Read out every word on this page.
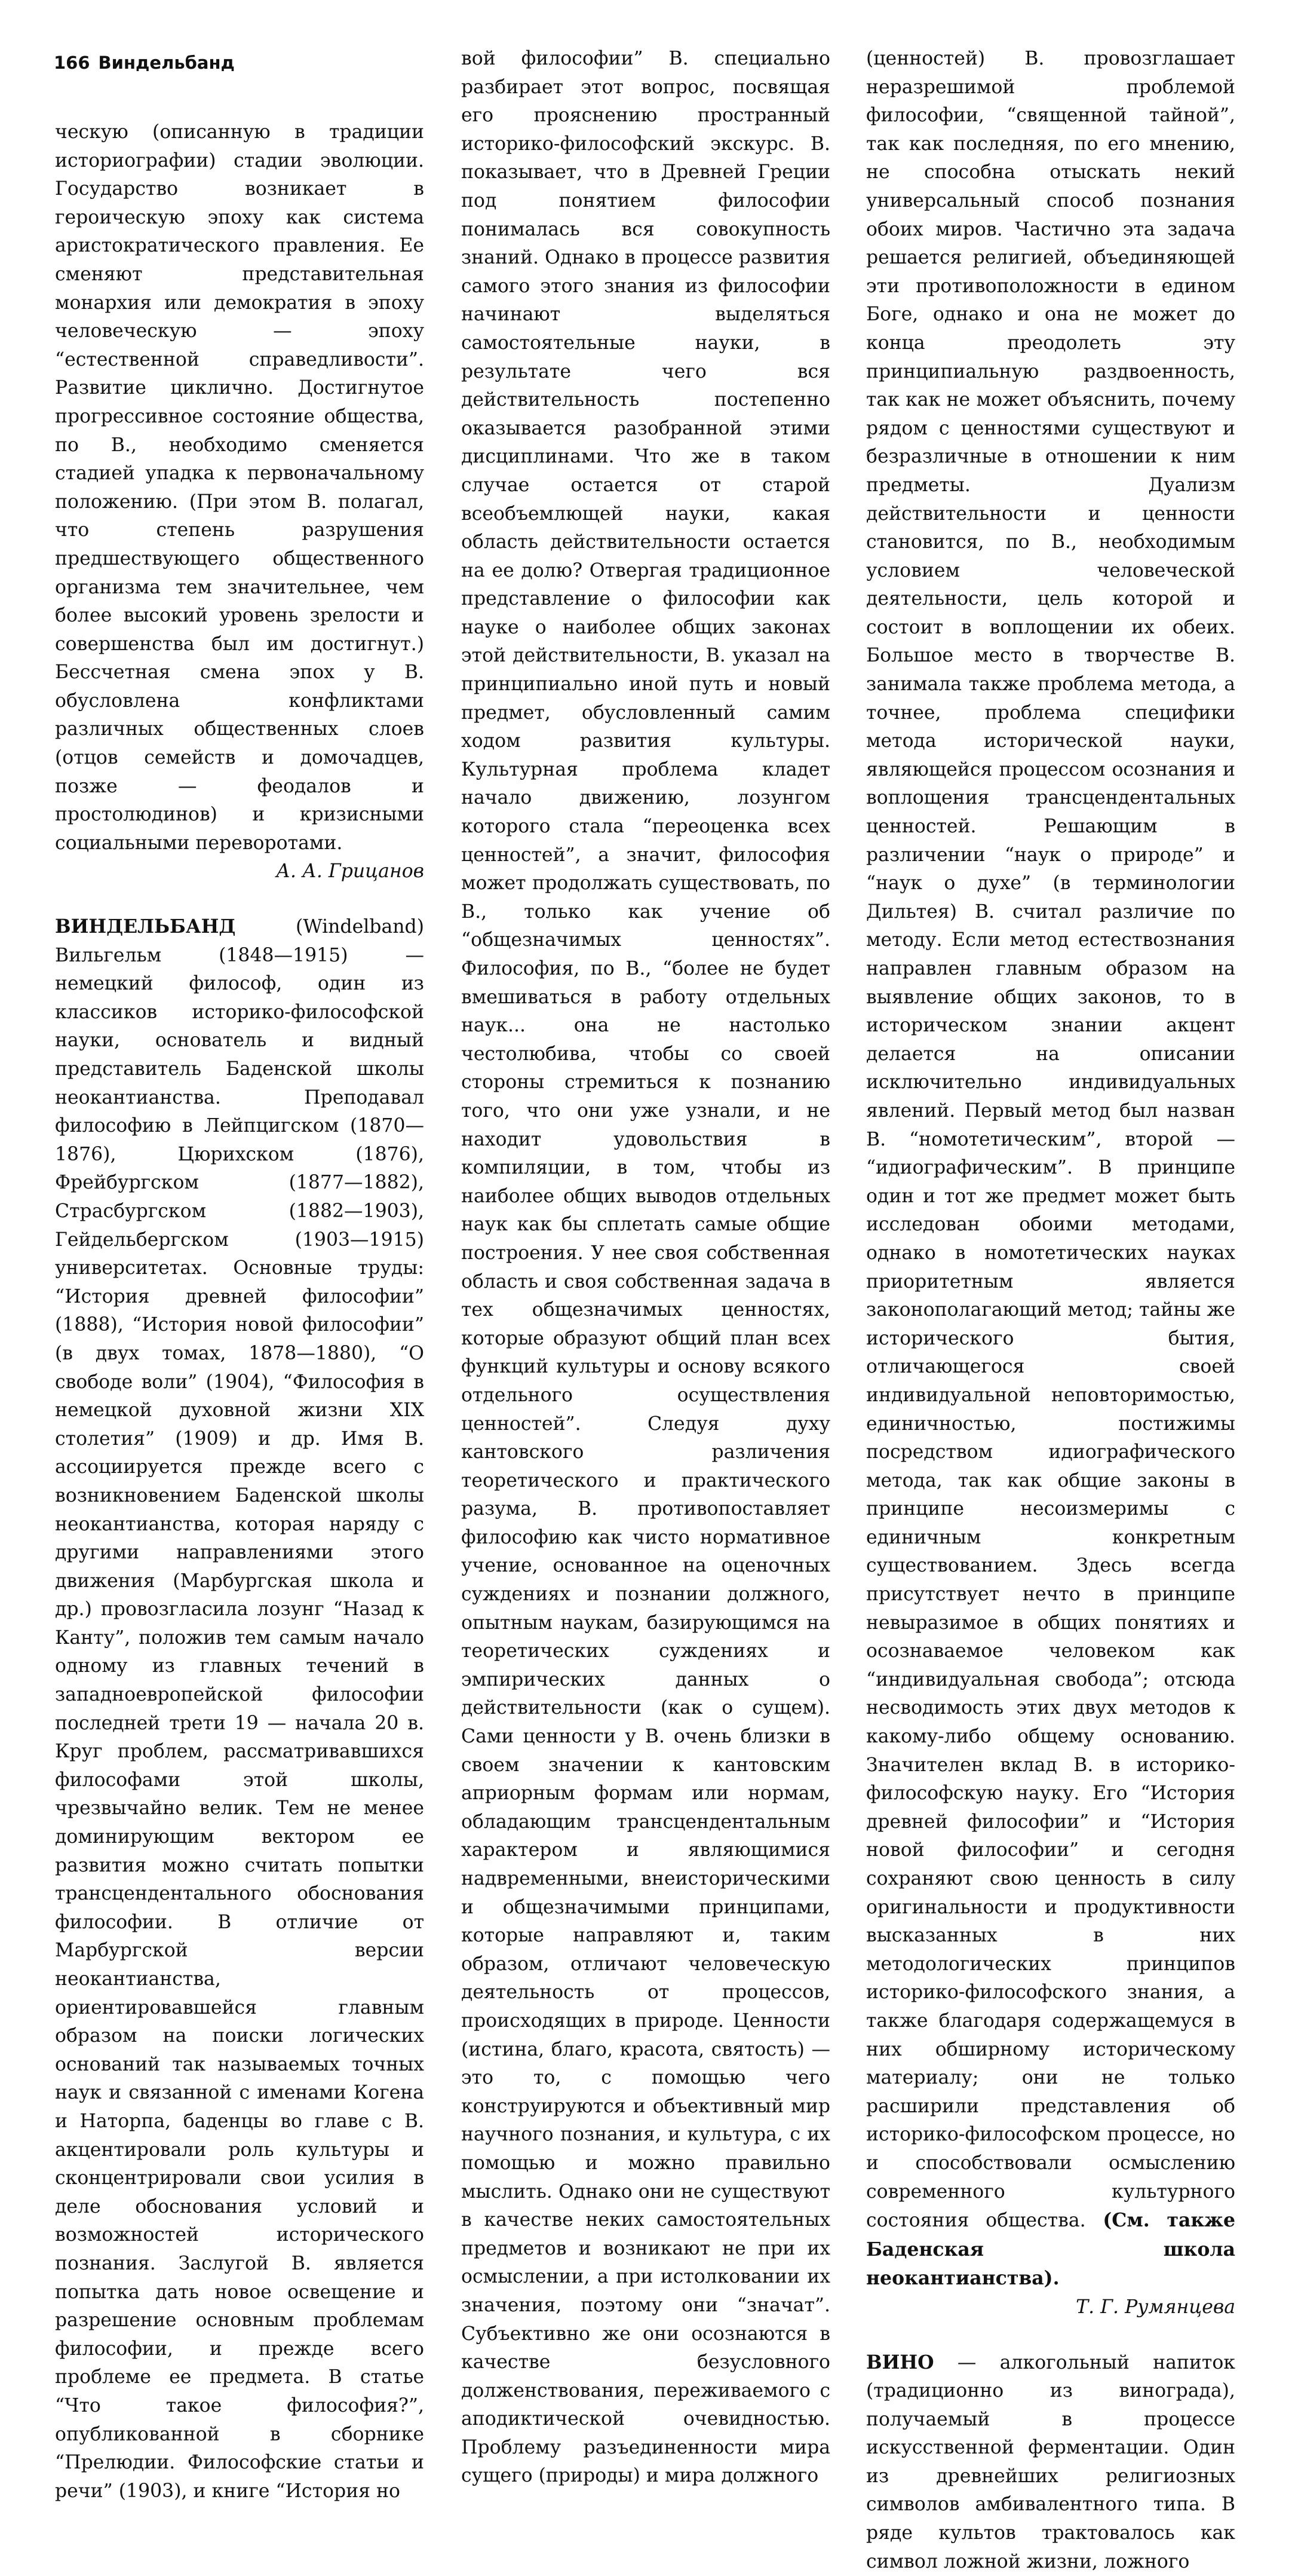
166 Виндельбанд

ческую (описанную в традиции историографии) стадии эволюции. Государство возникает в героическую эпоху как система аристократического правления. Ее сменяют представительная монархия или демократия в эпоху человеческую — эпоху “естественной справедливости”. Развитие циклично. Достигнутое прогрессивное состояние общества, по В., необходимо сменяется стадией упадка к первоначальному положению. (При этом В. полагал, что степень разрушения предшествующего общественного организма тем значительнее, чем более высокий уровень зрелости и совершенства был им достигнут.) Бессчетная смена эпох у В. обусловлена конфликтами различных общественных слоев (отцов семейств и домочадцев, позже — феодалов и простолюдинов) и кризисными социальными переворотами.

А. А. Грицанов

ВИНДЕЛЬБАНД	(Windelband) Вильгельм (1848—1915) — немецкий философ, один из классиков историко-философской науки, основатель и видный представитель Баденской школы неокантианства. Преподавал философию в Лейпцигском (1870—1876), Цюрихском (1876), Фрейбургском (1877—1882), Страсбургском (1882—1903), Гейдельбергском (1903—1915) университетах. Основные труды: “История древней философии” (1888), “История новой философии” (в двух томах, 1878—1880), “О свободе воли” (1904), “Философия в немецкой духовной жизни XIX столетия” (1909) и др. Имя В. ассоциируется прежде всего с возникновением Баденской школы неокантианства, которая наряду с другими направлениями этого движения (Марбургская школа и др.) провозгласила лозунг “Назад к Канту”, положив тем самым начало одному из главных течений в западноевропейской философии последней трети 19 — начала 20 в. Круг проблем, рассматривавшихся философами этой школы, чрезвычайно велик. Тем не менее доминирующим вектором ее развития можно считать попытки трансцендентального обоснования философии. В отличие от Марбургской версии неокантианства, ориентировавшейся главным образом на поиски логических оснований так называемых точных наук и связанной с именами Когена и Наторпа, баденцы во главе с В. акцентировали роль культуры и сконцентрировали свои усилия в деле обоснования условий и возможностей исторического познания. Заслугой В. является попытка дать новое освещение и разрешение основным проблемам философии, и прежде всего проблеме ее предмета. В статье “Что такое философия?”, опубликованной в сборнике “Прелюдии. Философские статьи и речи” (1903), и книге “История но

вой философии” В. специально разбирает этот вопрос, посвящая его прояснению пространный историко-философский экскурс. В. показывает, что в Древней Греции под понятием философии понималась вся совокупность знаний. Однако в процессе развития самого этого знания из философии начинают выделяться самостоятельные науки, в результате чего вся действительность постепенно оказывается разобранной этими дисциплинами. Что же в таком случае остается от старой всеобъемлющей науки, какая область действительности остается на ее долю? Отвергая традиционное представление о философии как науке о наиболее общих законах этой действительности, В. указал на принципиально иной путь и новый предмет, обусловленный самим ходом развития культуры. Культурная проблема кладет начало движению, лозунгом которого стала “переоценка всех ценностей”, а значит, философия может продолжать существовать, по В., только как учение об “общезначимых ценностях”. Философия, по В., “более не будет вмешиваться в работу отдельных наук... она не настолько честолюбива, чтобы со своей стороны стремиться к познанию того, что они уже узнали, и не находит удовольствия в компиляции, в том, чтобы из наиболее общих выводов отдельных наук как бы сплетать самые общие построения. У нее своя собственная область и своя собственная задача в тех общезначимых ценностях, которые образуют общий план всех функций культуры и основу всякого отдельного осуществления ценностей”. Следуя духу кантовского различения теоретического и практического разума, В. противопоставляет философию как чисто нормативное учение, основанное на оценочных суждениях и познании должного, опытным наукам, базирующимся на теоретических суждениях и эмпирических данных о действительности (как о сущем). Сами ценности у В. очень близки в своем значении к кантовским априорным формам или нормам, обладающим трансцендентальным характером и являющимися надвременными, внеисторическими и общезначимыми принципами, которые направляют и, таким образом, отличают человеческую деятельность от процессов, происходящих в природе. Ценности (истина, благо, красота, святость) — это то, с помощью чего конструируются и объективный мир научного познания, и культура, с их помощью и можно правильно мыслить. Однако они не существуют в качестве неких самостоятельных предметов и возникают не при их осмыслении, а при истолковании их значения, поэтому они “значат”. Субъективно же они осознаются в качестве безусловного долженствования, переживаемого с аподиктической очевидностью. Проблему разъединенности мира сущего (природы) и мира должного

(ценностей) В. провозглашает неразрешимой проблемой философии, “священной тайной”, так как последняя, по его мнению, не способна отыскать некий универсальный способ познания обоих миров. Частично эта задача решается религией, объединяющей эти противоположности в едином Боге, однако и она не может до конца преодолеть эту принципиальную раздвоенность, так как не может объяснить, почему рядом с ценностями существуют и безразличные в отношении к ним предметы. Дуализм действительности и ценности становится, по В., необходимым условием человеческой деятельности, цель которой и состоит в воплощении их обеих. Большое место в творчестве В. занимала также проблема метода, а точнее, проблема специфики метода исторической науки, являющейся процессом осознания и воплощения трансцендентальных ценностей. Решающим в различении “наук о природе” и “наук о духе” (в терминологии Дильтея) В. считал различие по методу. Если метод естествознания направлен главным образом на выявление общих законов, то в историческом знании акцент делается на описании исключительно индивидуальных явлений. Первый метод был назван В. “номотетическим”, второй — “идиографическим”. В принципе один и тот же предмет может быть исследован обоими методами, однако в номотетических науках приоритетным является законополагающий метод; тайны же исторического бытия, отличающегося своей индивидуальной неповторимостью, единичностью, постижимы посредством идиографического метода, так как общие законы в принципе несоизмеримы с единичным конкретным существованием. Здесь всегда присутствует нечто в принципе невыразимое в общих понятиях и осознаваемое человеком как “индивидуальная свобода”; отсюда несводимость этих двух методов к какому-либо общему основанию. Значителен вклад В. в историко-философскую науку. Его “История древней философии” и “История новой философии” и сегодня сохраняют свою ценность в силу оригинальности и продуктивности высказанных в них методологических принципов историко-философского знания, а также благодаря содержащемуся в них обширному историческому материалу; они не только расширили представления об историко-философском процессе, но и способствовали осмыслению современного культурного состояния общества. (См. также Баденская школа неокантианства).

Т. Г. Румянцева

ВИНО — алкогольный напиток (традиционно из винограда), получаемый в процессе искусственной ферментации. Один из древнейших религиозных символов амбивалентного типа. В ряде культов трактовалось как символ ложной жизни, ложного
